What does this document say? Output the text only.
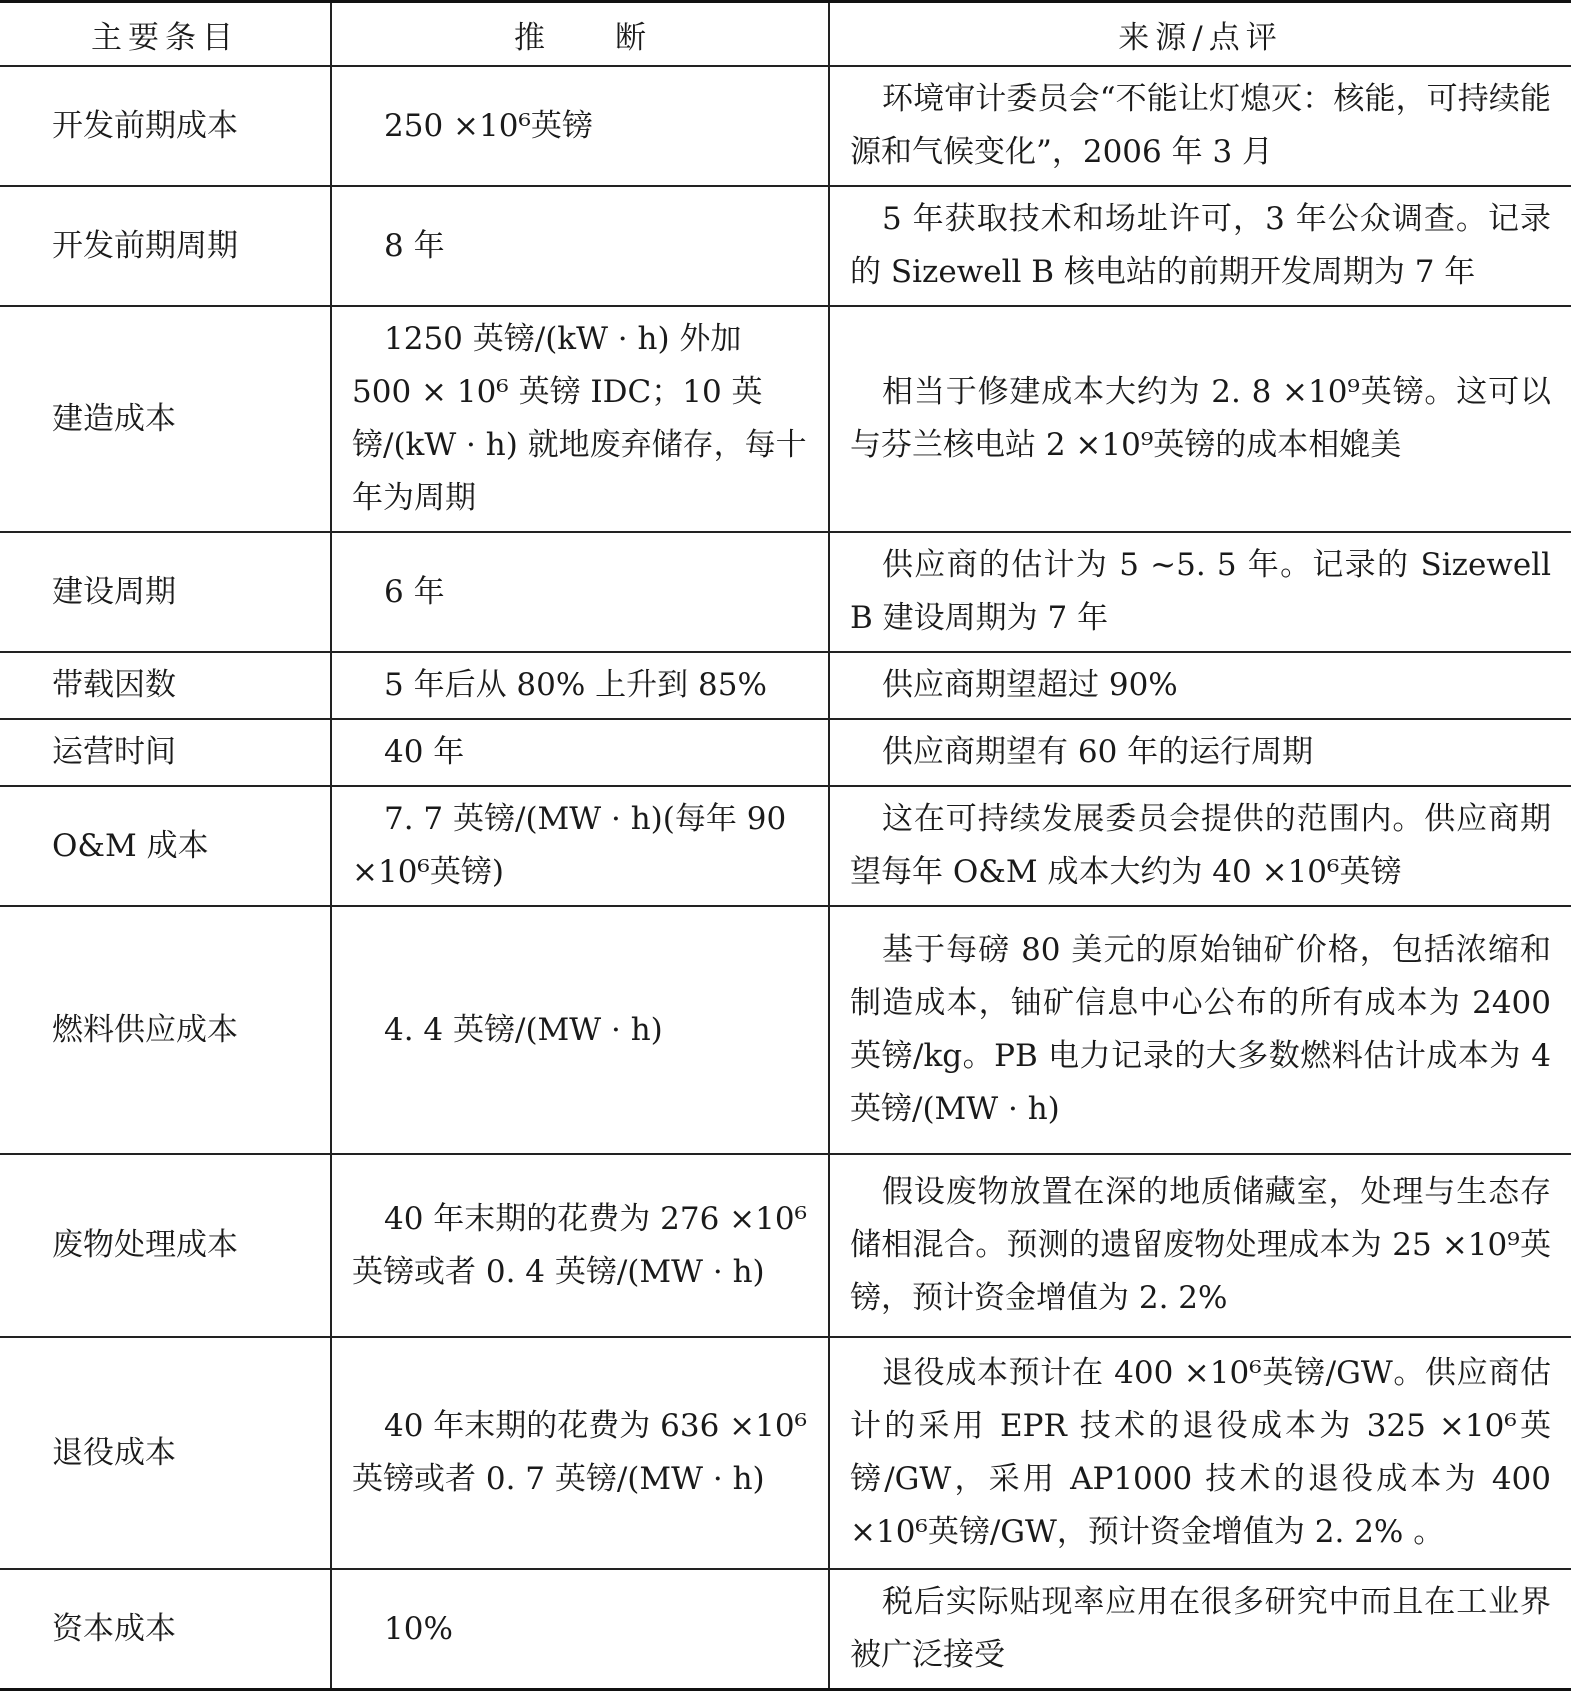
主要条目	推断	来源/点评
开发前期成本	250 ×10⁶英镑	环境审计委员会“不能让灯熄灭：核能，可持续能源和气候变化”，2006 年 3 月
开发前期周期	8 年	5 年获取技术和场址许可，3 年公众调查。记录的 Sizewell B 核电站的前期开发周期为 7 年
建造成本	1250 英镑/(kW · h) 外加 500 × 10⁶ 英镑 IDC；10 英镑/(kW · h) 就地废弃储存，每十年为周期	相当于修建成本大约为 2. 8 ×10⁹英镑。这可以与芬兰核电站 2 ×10⁹英镑的成本相媲美
建设周期	6 年	供应商的估计为 5 ~5. 5 年。记录的 Sizewell B 建设周期为 7 年
带载因数	5 年后从 80% 上升到 85%	供应商期望超过 90%
运营时间	40 年	供应商期望有 60 年的运行周期
O&M 成本	7. 7 英镑/(MW · h)(每年 90 ×10⁶英镑)	这在可持续发展委员会提供的范围内。供应商期望每年 O&M 成本大约为 40 ×10⁶英镑
燃料供应成本	4. 4 英镑/(MW · h)	基于每磅 80 美元的原始铀矿价格，包括浓缩和制造成本，铀矿信息中心公布的所有成本为 2400 英镑/kg。PB 电力记录的大多数燃料估计成本为 4 英镑/(MW · h)
废物处理成本	40 年末期的花费为 276 ×10⁶英镑或者 0. 4 英镑/(MW · h)	假设废物放置在深的地质储藏室，处理与生态存储相混合。预测的遗留废物处理成本为 25 ×10⁹英镑，预计资金增值为 2. 2%
退役成本	40 年末期的花费为 636 ×10⁶英镑或者 0. 7 英镑/(MW · h)	退役成本预计在 400 ×10⁶英镑/GW。供应商估计的采用 EPR 技术的退役成本为 325 ×10⁶英镑/GW，采用 AP1000 技术的退役成本为 400 ×10⁶英镑/GW，预计资金增值为 2. 2% 。
资本成本	10%	税后实际贴现率应用在很多研究中而且在工业界被广泛接受
